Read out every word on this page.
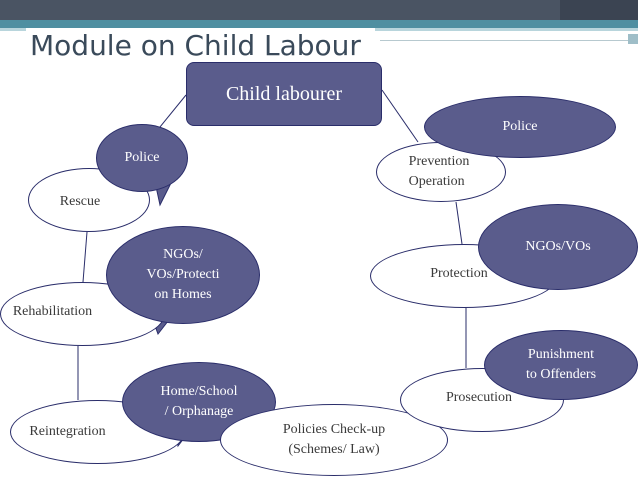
Module on Child Labour
Rescue
Police
Rehabilitation
NGOs/
VOs/Protecti
on Homes
Reintegration
Home/School
/ Orphanage
Policies Check-up
(Schemes/ Law)
Prosecution
Punishment
to Offenders
Protection
NGOs/VOs
Prevention
Operation
Police
Child labourer
